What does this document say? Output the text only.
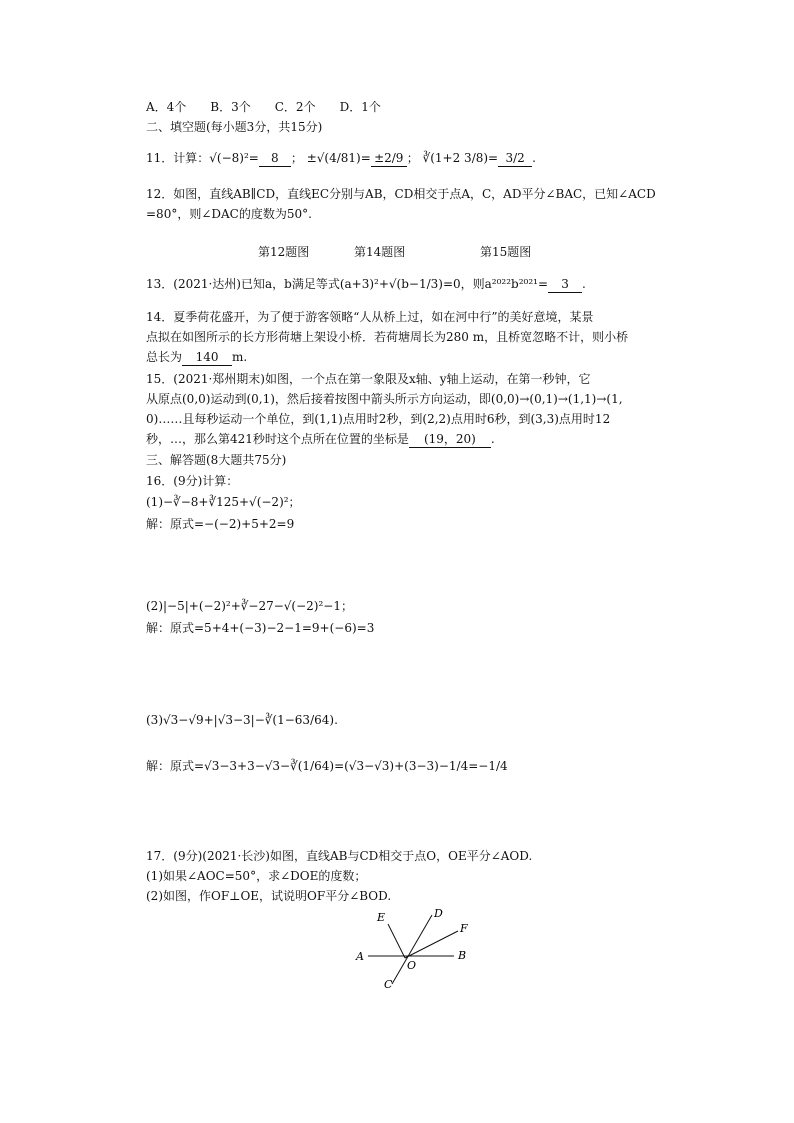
A．4个　　B．3个　　C．2个　　D．1个
二、填空题(每小题3分，共15分)
11．计算：√(−8)²= 8 ； ±√(4/81)= ±2/9 ； ∛(1+2 3/8)= 3/2 .
12．如图，直线AB∥CD，直线EC分别与AB，CD相交于点A，C，AD平分∠BAC，已知∠ACD
=80°，则∠DAC的度数为50°.
第12题图	第14题图	第15题图
13．(2021·达州)已知a，b满足等式(a+3)²+√(b−1/3)=0，则a²⁰²²b²⁰²¹= 3 .
14．夏季荷花盛开，为了便于游客领略“人从桥上过，如在河中行”的美好意境，某景
点拟在如图所示的长方形荷塘上架设小桥．若荷塘周长为280 m，且桥宽忽略不计，则小桥
总长为 140 m.
15．(2021·郑州期末)如图，一个点在第一象限及x轴、y轴上运动，在第一秒钟，它
从原点(0,0)运动到(0,1)，然后接着按图中箭头所示方向运动，即(0,0)→(0,1)→(1,1)→(1,
0)……且每秒运动一个单位，到(1,1)点用时2秒，到(2,2)点用时6秒，到(3,3)点用时12
秒，…，那么第421秒时这个点所在位置的坐标是 (19，20) .
三、解答题(8大题共75分)
16．(9分)计算：
(1)−∛−8+∛125+√(−2)²；
解：原式=−(−2)+5+2=9
(2)|−5|+(−2)²+∛−27−√(−2)²−1；
解：原式=5+4+(−3)−2−1=9+(−6)=3
(3)√3−√9+|√3−3|−∛(1−63/64).
解：原式=√3−3+3−√3−∛(1/64)=(√3−√3)+(3−3)−1/4=−1/4
17．(9分)(2021·长沙)如图，直线AB与CD相交于点O，OE平分∠AOD.
(1)如果∠AOC=50°，求∠DOE的度数；
(2)如图，作OF⊥OE，试说明OF平分∠BOD.
A	B
C
D
E
F
O
